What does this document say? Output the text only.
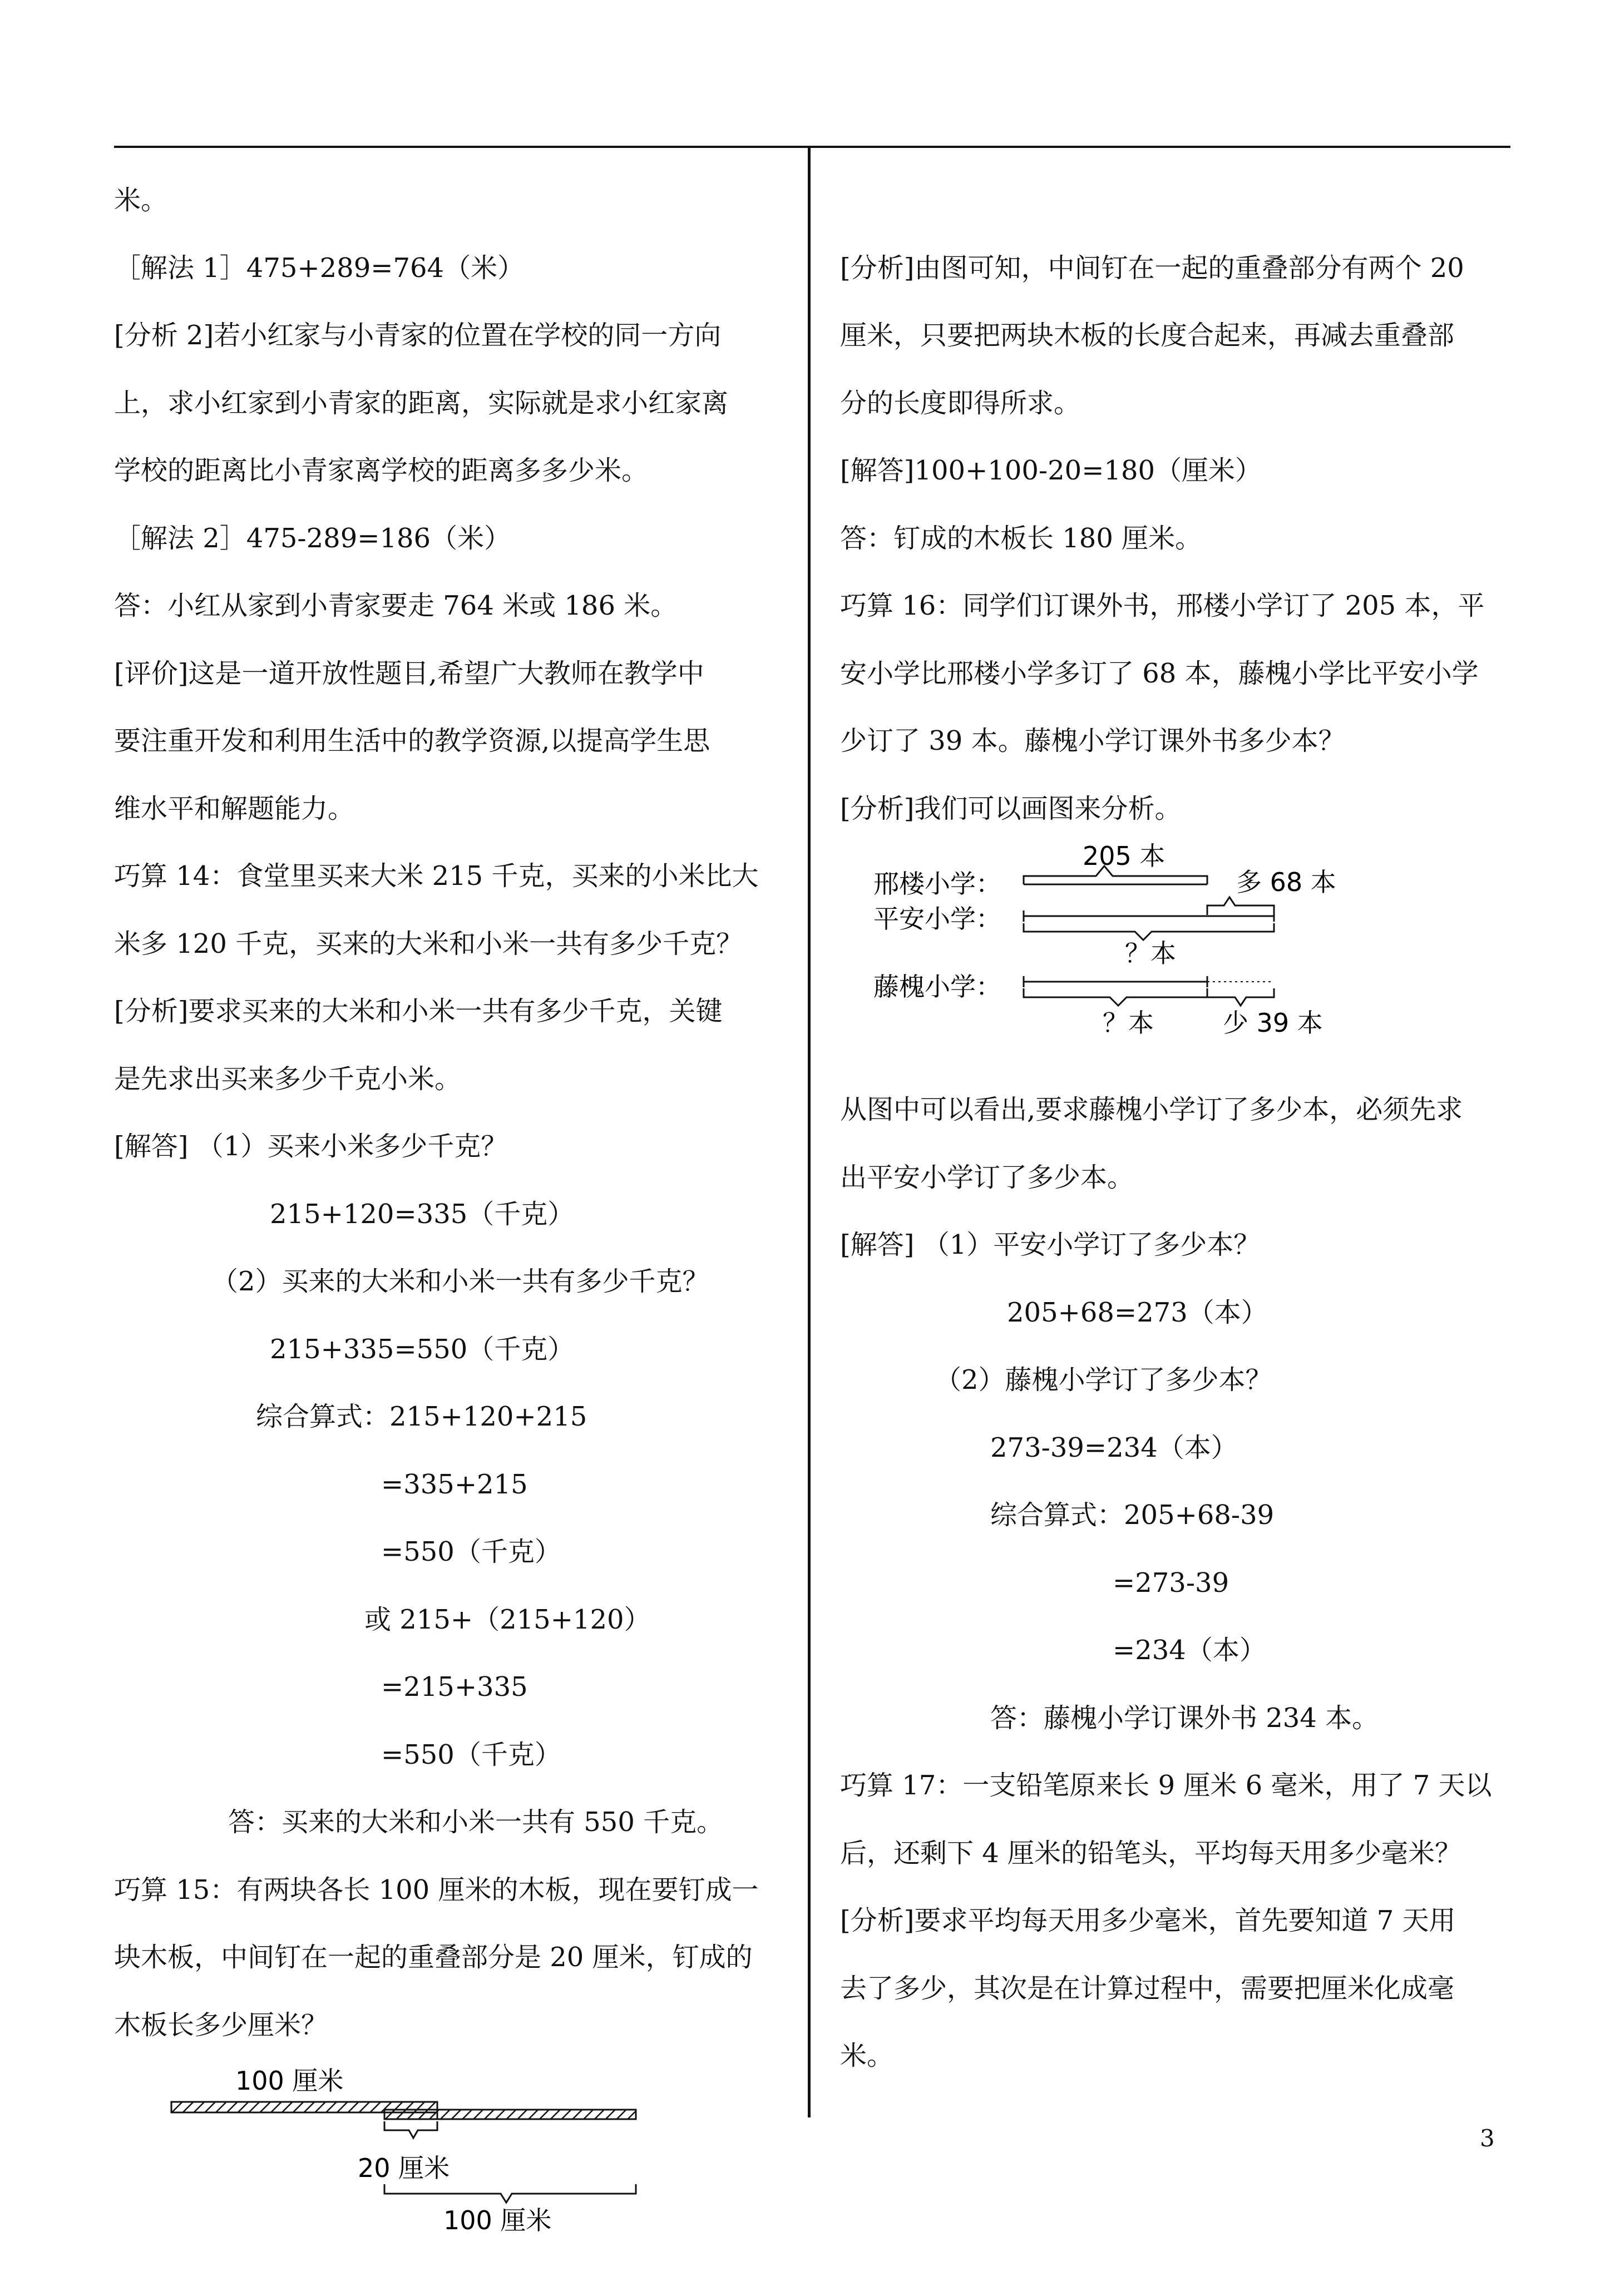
米。
［解法 1］475+289=764（米）
[分析 2]若小红家与小青家的位置在学校的同一方向
上，求小红家到小青家的距离，实际就是求小红家离
学校的距离比小青家离学校的距离多多少米。
［解法 2］475-289=186（米）
答：小红从家到小青家要走 764 米或 186 米。
[评价]这是一道开放性题目,希望广大教师在教学中
要注重开发和利用生活中的教学资源,以提高学生思
维水平和解题能力。
巧算 14：食堂里买来大米 215 千克，买来的小米比大
米多 120 千克，买来的大米和小米一共有多少千克？
[分析]要求买来的大米和小米一共有多少千克，关键
是先求出买来多少千克小米。
[解答] （1）买来小米多少千克？
215+120=335（千克）
（2）买来的大米和小米一共有多少千克？
215+335=550（千克）
综合算式：215+120+215
=335+215
=550（千克）
或 215+（215+120）
=215+335
=550（千克）
答：买来的大米和小米一共有 550 千克。
巧算 15：有两块各长 100 厘米的木板，现在要钉成一
块木板，中间钉在一起的重叠部分是 20 厘米，钉成的
木板长多少厘米？
100 厘米
20 厘米
100 厘米
[分析]由图可知，中间钉在一起的重叠部分有两个 20
厘米，只要把两块木板的长度合起来，再减去重叠部
分的长度即得所求。
[解答]100+100-20=180（厘米）
答：钉成的木板长 180 厘米。
巧算 16：同学们订课外书，邢楼小学订了 205 本，平
安小学比邢楼小学多订了 68 本，藤槐小学比平安小学
少订了 39 本。藤槐小学订课外书多少本？
[分析]我们可以画图来分析。
邢楼小学：
205 本
多 68 本
平安小学：
？本
藤槐小学：
？本	少 39 本
从图中可以看出,要求藤槐小学订了多少本，必须先求
出平安小学订了多少本。
[解答] （1）平安小学订了多少本？
205+68=273（本）
（2）藤槐小学订了多少本？
273-39=234（本）
综合算式：205+68-39
=273-39
=234（本）
答：藤槐小学订课外书 234 本。
巧算 17：一支铅笔原来长 9 厘米 6 毫米，用了 7 天以
后，还剩下 4 厘米的铅笔头，平均每天用多少毫米？
[分析]要求平均每天用多少毫米，首先要知道 7 天用
去了多少，其次是在计算过程中，需要把厘米化成毫
米。
3
